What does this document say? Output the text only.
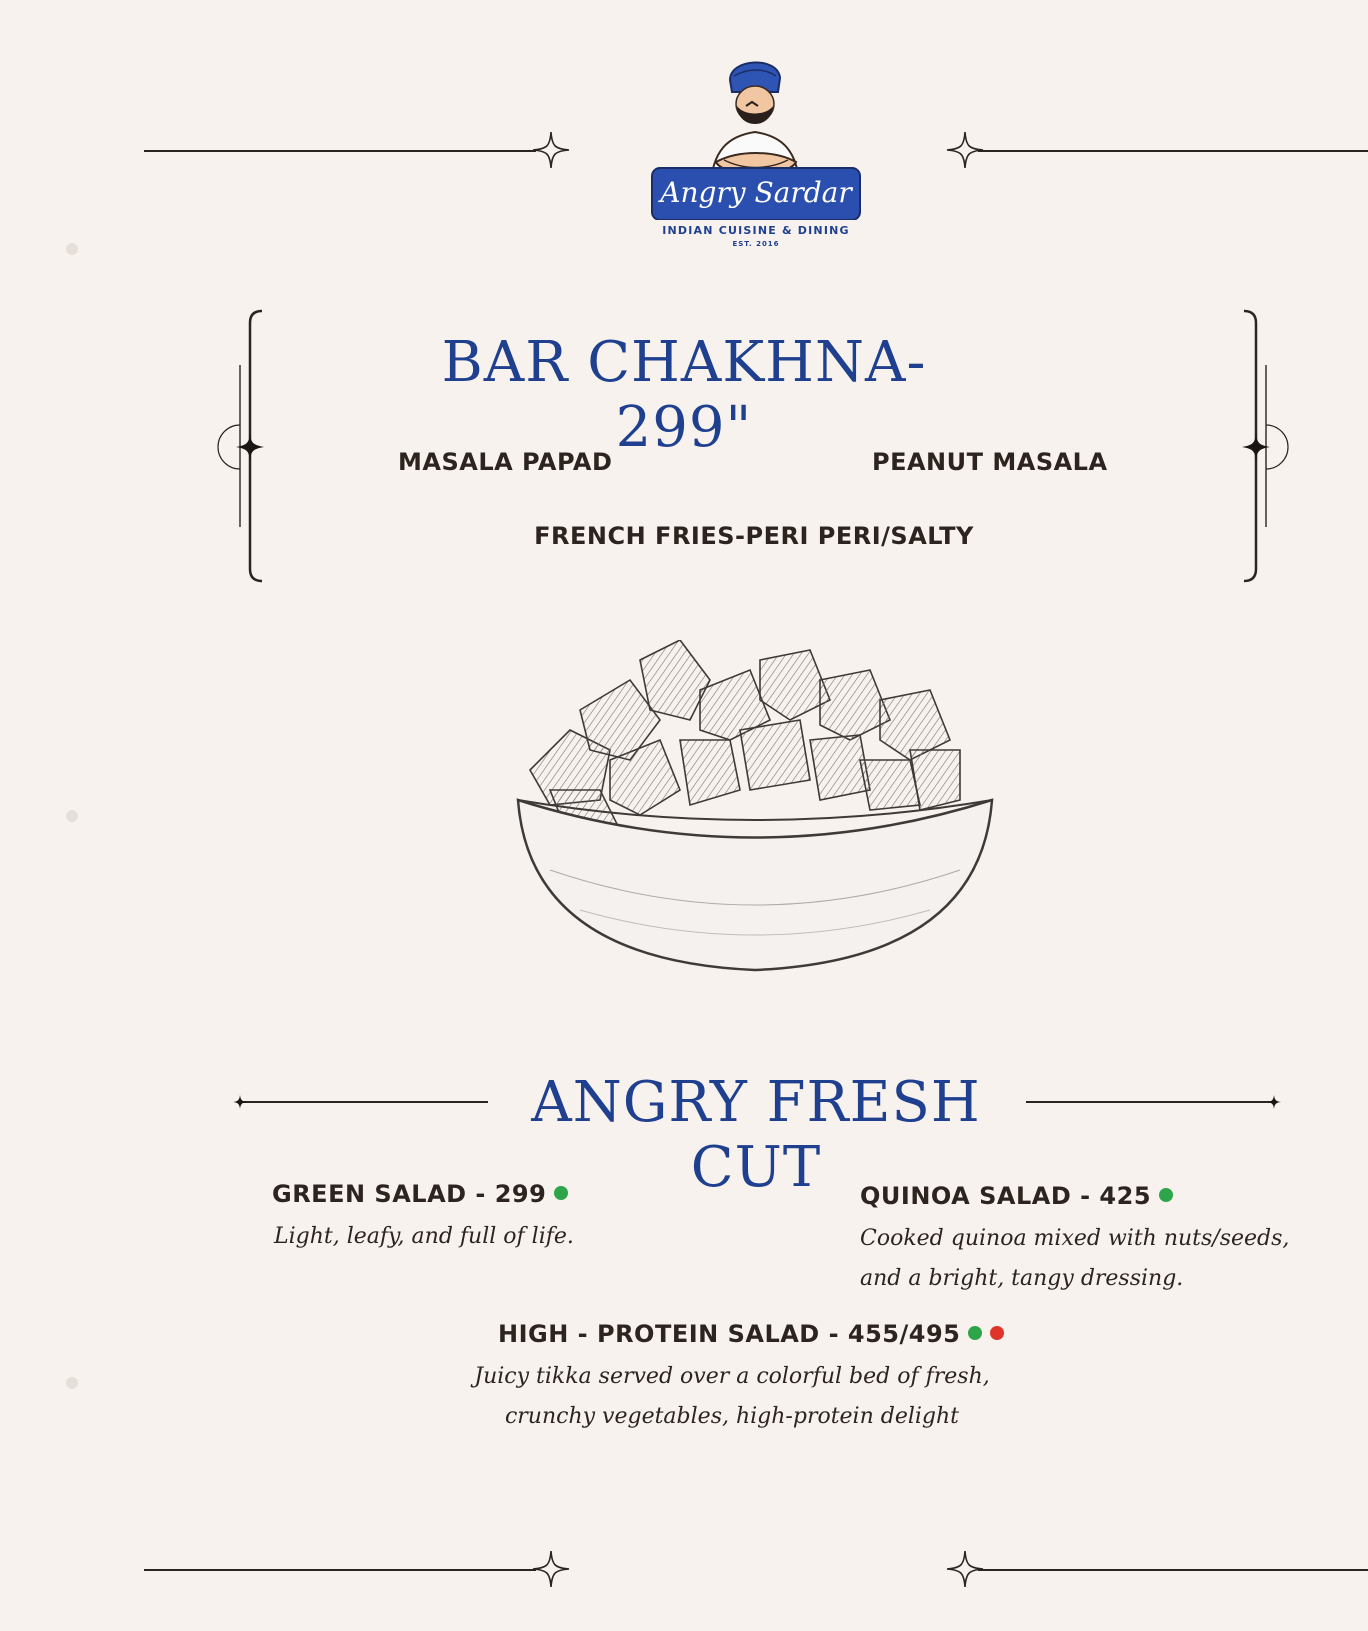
Angry Sardar
INDIAN CUISINE & DINING
EST. 2016
BAR CHAKHNA-299"
MASALA PAPAD	PEANUT MASALA
FRENCH FRIES-PERI PERI/SALTY
ANGRY FRESH CUT
GREEN SALAD - 299
Light, leafy, and full of life.
QUINOA SALAD - 425
Cooked quinoa mixed with nuts/seeds,
and a bright, tangy dressing.
HIGH - PROTEIN SALAD - 455/495
Juicy tikka served over a colorful bed of fresh,
crunchy vegetables, high-protein delight
